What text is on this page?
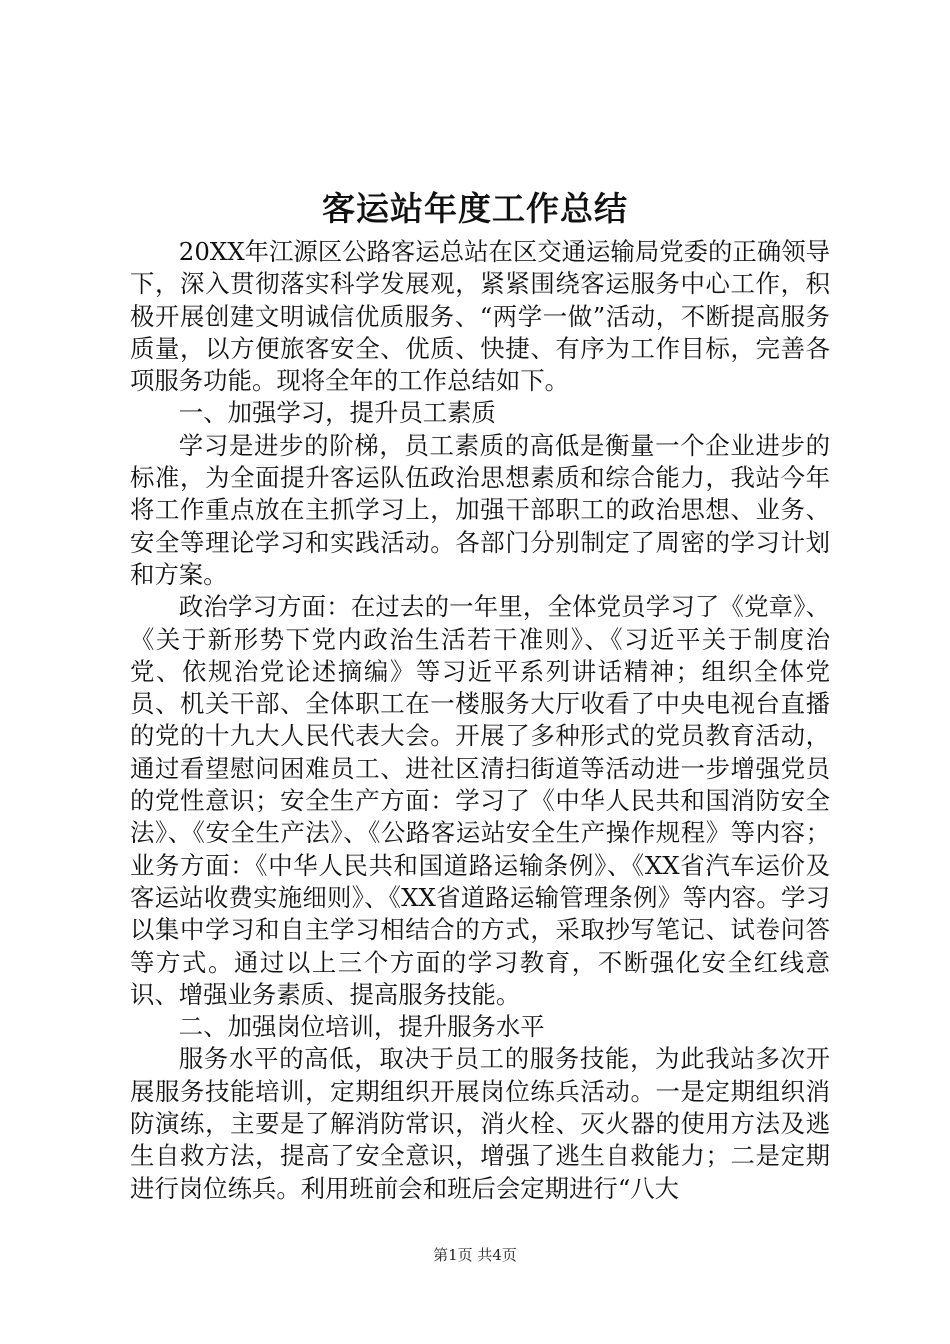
客运站年度工作总结

20XX年江源区公路客运总站在区交通运输局党委的正确领导下，深入贯彻落实科学发展观，紧紧围绕客运服务中心工作，积极开展创建文明诚信优质服务、“两学一做”活动，不断提高服务质量，以方便旅客安全、优质、快捷、有序为工作目标，完善各项服务功能。现将全年的工作总结如下。

一、加强学习，提升员工素质

学习是进步的阶梯，员工素质的高低是衡量一个企业进步的标准，为全面提升客运队伍政治思想素质和综合能力，我站今年将工作重点放在主抓学习上，加强干部职工的政治思想、业务、安全等理论学习和实践活动。各部门分别制定了周密的学习计划和方案。

政治学习方面：在过去的一年里，全体党员学习了《党章》、《关于新形势下党内政治生活若干准则》、《习近平关于制度治党、依规治党论述摘编》等习近平系列讲话精神；组织全体党员、机关干部、全体职工在一楼服务大厅收看了中央电视台直播的党的十九大人民代表大会。开展了多种形式的党员教育活动，通过看望慰问困难员工、进社区清扫街道等活动进一步增强党员的党性意识；安全生产方面：学习了《中华人民共和国消防安全法》、《安全生产法》、《公路客运站安全生产操作规程》等内容；业务方面：《中华人民共和国道路运输条例》、《XX省汽车运价及客运站收费实施细则》、《XX省道路运输管理条例》等内容。学习以集中学习和自主学习相结合的方式，采取抄写笔记、试卷问答等方式。通过以上三个方面的学习教育，不断强化安全红线意识、增强业务素质、提高服务技能。

二、加强岗位培训，提升服务水平

服务水平的高低，取决于员工的服务技能，为此我站多次开展服务技能培训，定期组织开展岗位练兵活动。一是定期组织消防演练，主要是了解消防常识，消火栓、灭火器的使用方法及逃生自救方法，提高了安全意识，增强了逃生自救能力；二是定期进行岗位练兵。利用班前会和班后会定期进行“八大

第1页 共4页
